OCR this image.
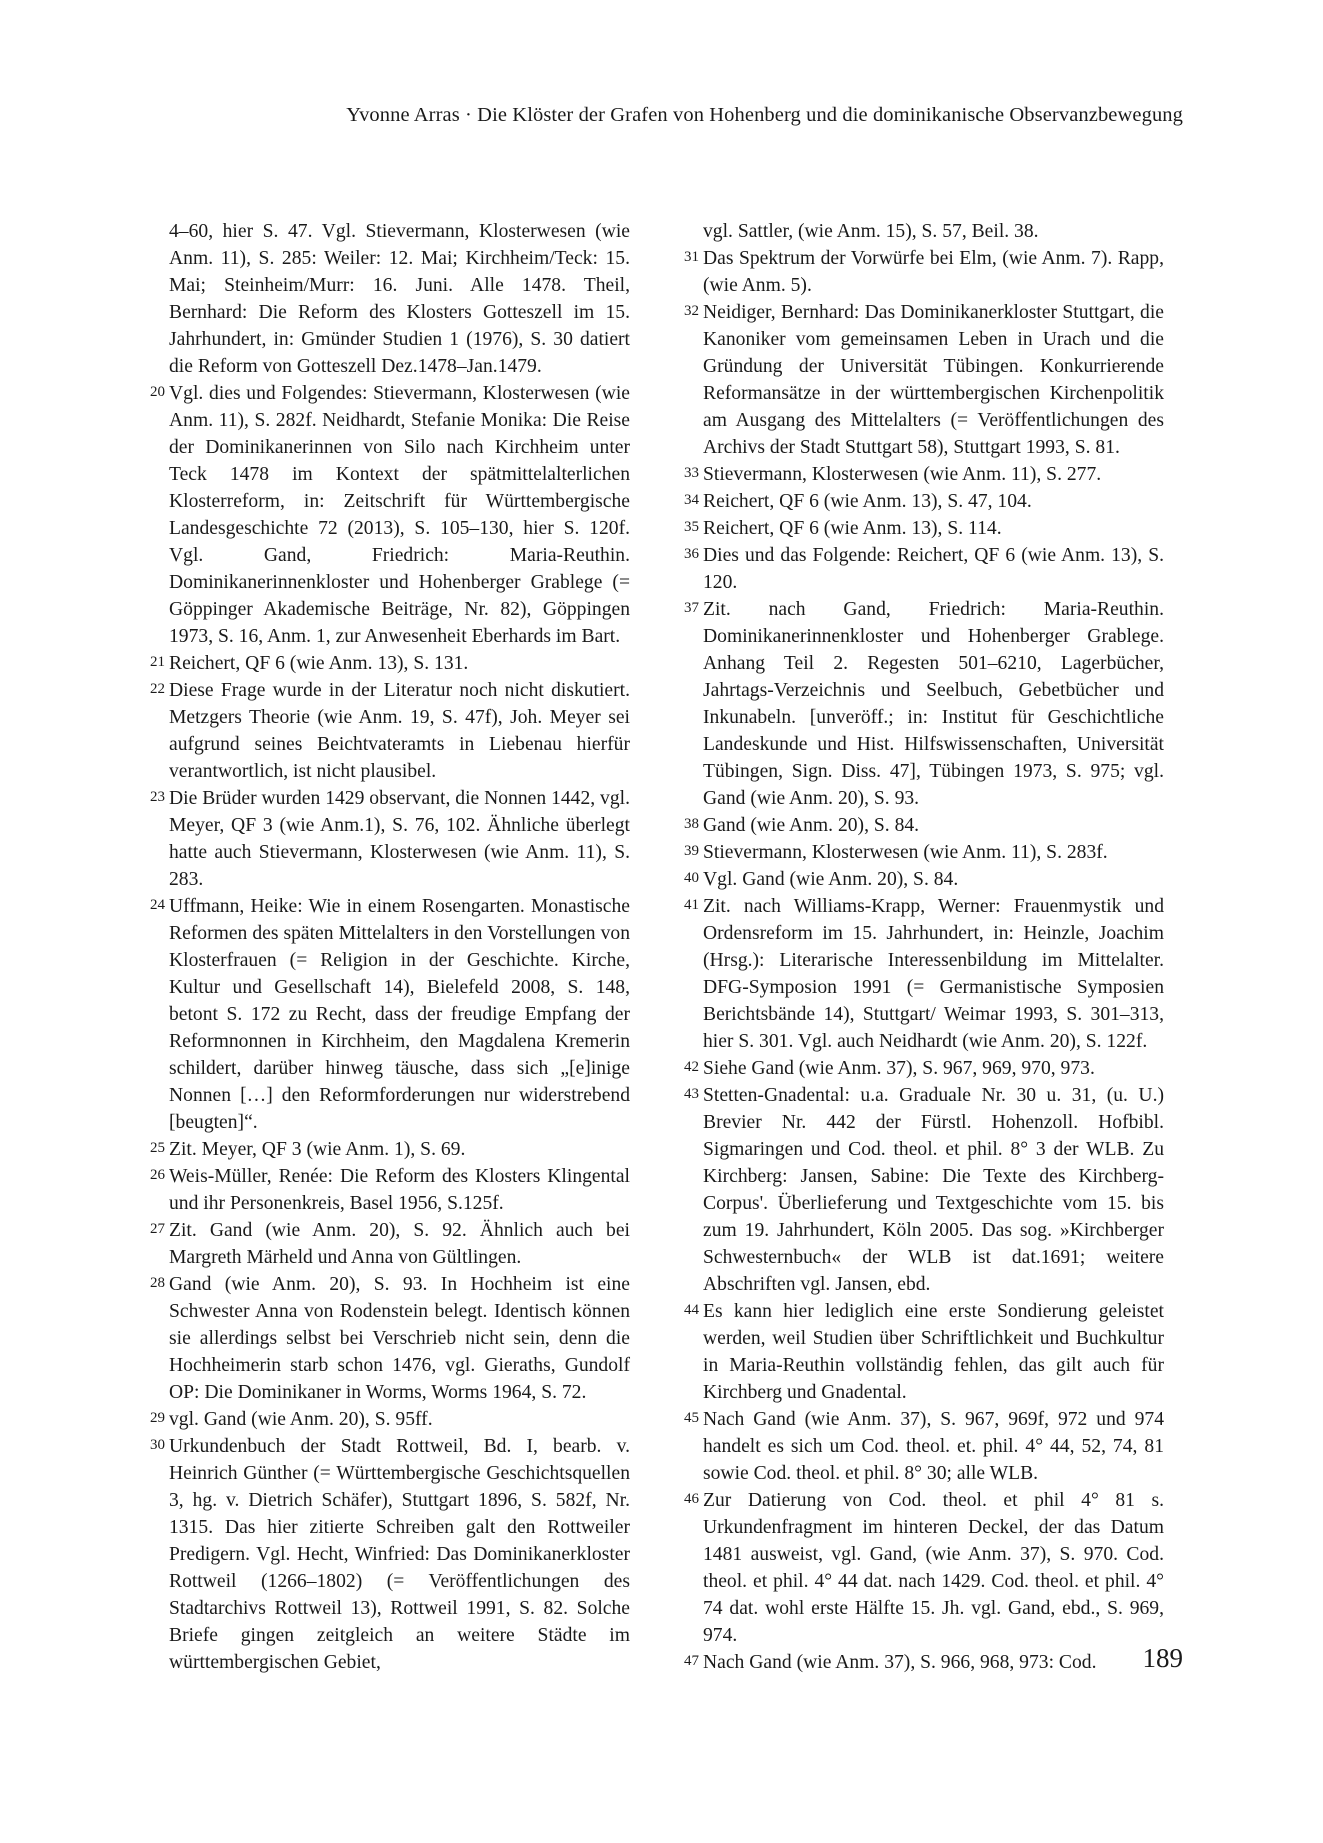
Yvonne Arras · Die Klöster der Grafen von Hohenberg und die dominikanische Observanzbewegung
4–60, hier S. 47. Vgl. Stievermann, Klosterwesen (wie Anm. 11), S. 285: Weiler: 12. Mai; Kirchheim/Teck: 15. Mai; Steinheim/Murr: 16. Juni. Alle 1478. Theil, Bernhard: Die Reform des Klosters Gotteszell im 15. Jahrhundert, in: Gmünder Studien 1 (1976), S. 30 datiert die Reform von Gotteszell Dez.1478–Jan.1479.
20 Vgl. dies und Folgendes: Stievermann, Klosterwesen (wie Anm. 11), S. 282f. Neidhardt, Stefanie Monika: Die Reise der Dominikanerinnen von Silo nach Kirchheim unter Teck 1478 im Kontext der spätmittelalterlichen Klosterreform, in: Zeitschrift für Württembergische Landesgeschichte 72 (2013), S. 105–130, hier S. 120f. Vgl. Gand, Friedrich: Maria-Reuthin. Dominikanerinnenkloster und Hohenberger Grablege (= Göppinger Akademische Beiträge, Nr. 82), Göppingen 1973, S. 16, Anm. 1, zur Anwesenheit Eberhards im Bart.
21 Reichert, QF 6 (wie Anm. 13), S. 131.
22 Diese Frage wurde in der Literatur noch nicht diskutiert. Metzgers Theorie (wie Anm. 19, S. 47f), Joh. Meyer sei aufgrund seines Beichtvateramts in Liebenau hierfür verantwortlich, ist nicht plausibel.
23 Die Brüder wurden 1429 observant, die Nonnen 1442, vgl. Meyer, QF 3 (wie Anm.1), S. 76, 102. Ähnliche überlegt hatte auch Stievermann, Klosterwesen (wie Anm. 11), S. 283.
24 Uffmann, Heike: Wie in einem Rosengarten. Monastische Reformen des späten Mittelalters in den Vorstellungen von Klosterfrauen (= Religion in der Geschichte. Kirche, Kultur und Gesellschaft 14), Bielefeld 2008, S. 148, betont S. 172 zu Recht, dass der freudige Empfang der Reformnonnen in Kirchheim, den Magdalena Kremerin schildert, darüber hinweg täusche, dass sich „[e]inige Nonnen […] den Reformforderungen nur widerstrebend [beugten]“.
25 Zit. Meyer, QF 3 (wie Anm. 1), S. 69.
26 Weis-Müller, Renée: Die Reform des Klosters Klingental und ihr Personenkreis, Basel 1956, S.125f.
27 Zit. Gand (wie Anm. 20), S. 92. Ähnlich auch bei Margreth Märheld und Anna von Gültlingen.
28 Gand (wie Anm. 20), S. 93. In Hochheim ist eine Schwester Anna von Rodenstein belegt. Identisch können sie allerdings selbst bei Verschrieb nicht sein, denn die Hochheimerin starb schon 1476, vgl. Gieraths, Gundolf OP: Die Dominikaner in Worms, Worms 1964, S. 72.
29 vgl. Gand (wie Anm. 20), S. 95ff.
30 Urkundenbuch der Stadt Rottweil, Bd. I, bearb. v. Heinrich Günther (= Württembergische Geschichtsquellen 3, hg. v. Dietrich Schäfer), Stuttgart 1896, S. 582f, Nr. 1315. Das hier zitierte Schreiben galt den Rottweiler Predigern. Vgl. Hecht, Winfried: Das Dominikanerkloster Rottweil (1266–1802) (= Veröffentlichungen des Stadtarchivs Rottweil 13), Rottweil 1991, S. 82. Solche Briefe gingen zeitgleich an weitere Städte im württembergischen Gebiet,
vgl. Sattler, (wie Anm. 15), S. 57, Beil. 38.
31 Das Spektrum der Vorwürfe bei Elm, (wie Anm. 7). Rapp, (wie Anm. 5).
32 Neidiger, Bernhard: Das Dominikanerkloster Stuttgart, die Kanoniker vom gemeinsamen Leben in Urach und die Gründung der Universität Tübingen. Konkurrierende Reformansätze in der württembergischen Kirchenpolitik am Ausgang des Mittelalters (= Veröffentlichungen des Archivs der Stadt Stuttgart 58), Stuttgart 1993, S. 81.
33 Stievermann, Klosterwesen (wie Anm. 11), S. 277.
34 Reichert, QF 6 (wie Anm. 13), S. 47, 104.
35 Reichert, QF 6 (wie Anm. 13), S. 114.
36 Dies und das Folgende: Reichert, QF 6 (wie Anm. 13), S. 120.
37 Zit. nach Gand, Friedrich: Maria-Reuthin. Dominikanerinnenkloster und Hohenberger Grablege. Anhang Teil 2. Regesten 501–6210, Lagerbücher, Jahrtags-Verzeichnis und Seelbuch, Gebetbücher und Inkunabeln. [unveröff.; in: Institut für Geschichtliche Landeskunde und Hist. Hilfswissenschaften, Universität Tübingen, Sign. Diss. 47], Tübingen 1973, S. 975; vgl. Gand (wie Anm. 20), S. 93.
38 Gand (wie Anm. 20), S. 84.
39 Stievermann, Klosterwesen (wie Anm. 11), S. 283f.
40 Vgl. Gand (wie Anm. 20), S. 84.
41 Zit. nach Williams-Krapp, Werner: Frauenmystik und Ordensreform im 15. Jahrhundert, in: Heinzle, Joachim (Hrsg.): Literarische Interessenbildung im Mittelalter. DFG-Symposion 1991 (= Germanistische Symposien Berichtsbände 14), Stuttgart/ Weimar 1993, S. 301–313, hier S. 301. Vgl. auch Neidhardt (wie Anm. 20), S. 122f.
42 Siehe Gand (wie Anm. 37), S. 967, 969, 970, 973.
43 Stetten-Gnadental: u.a. Graduale Nr. 30 u. 31, (u. U.) Brevier Nr. 442 der Fürstl. Hohenzoll. Hofbibl. Sigmaringen und Cod. theol. et phil. 8° 3 der WLB. Zu Kirchberg: Jansen, Sabine: Die Texte des Kirchberg-Corpus'. Überlieferung und Textgeschichte vom 15. bis zum 19. Jahrhundert, Köln 2005. Das sog. »Kirchberger Schwesternbuch« der WLB ist dat.1691; weitere Abschriften vgl. Jansen, ebd.
44 Es kann hier lediglich eine erste Sondierung geleistet werden, weil Studien über Schriftlichkeit und Buchkultur in Maria-Reuthin vollständig fehlen, das gilt auch für Kirchberg und Gnadental.
45 Nach Gand (wie Anm. 37), S. 967, 969f, 972 und 974 handelt es sich um Cod. theol. et. phil. 4° 44, 52, 74, 81 sowie Cod. theol. et phil. 8° 30; alle WLB.
46 Zur Datierung von Cod. theol. et phil 4° 81 s. Urkundenfragment im hinteren Deckel, der das Datum 1481 ausweist, vgl. Gand, (wie Anm. 37), S. 970. Cod. theol. et phil. 4° 44 dat. nach 1429. Cod. theol. et phil. 4° 74 dat. wohl erste Hälfte 15. Jh. vgl. Gand, ebd., S. 969, 974.
47 Nach Gand (wie Anm. 37), S. 966, 968, 973: Cod.	189
